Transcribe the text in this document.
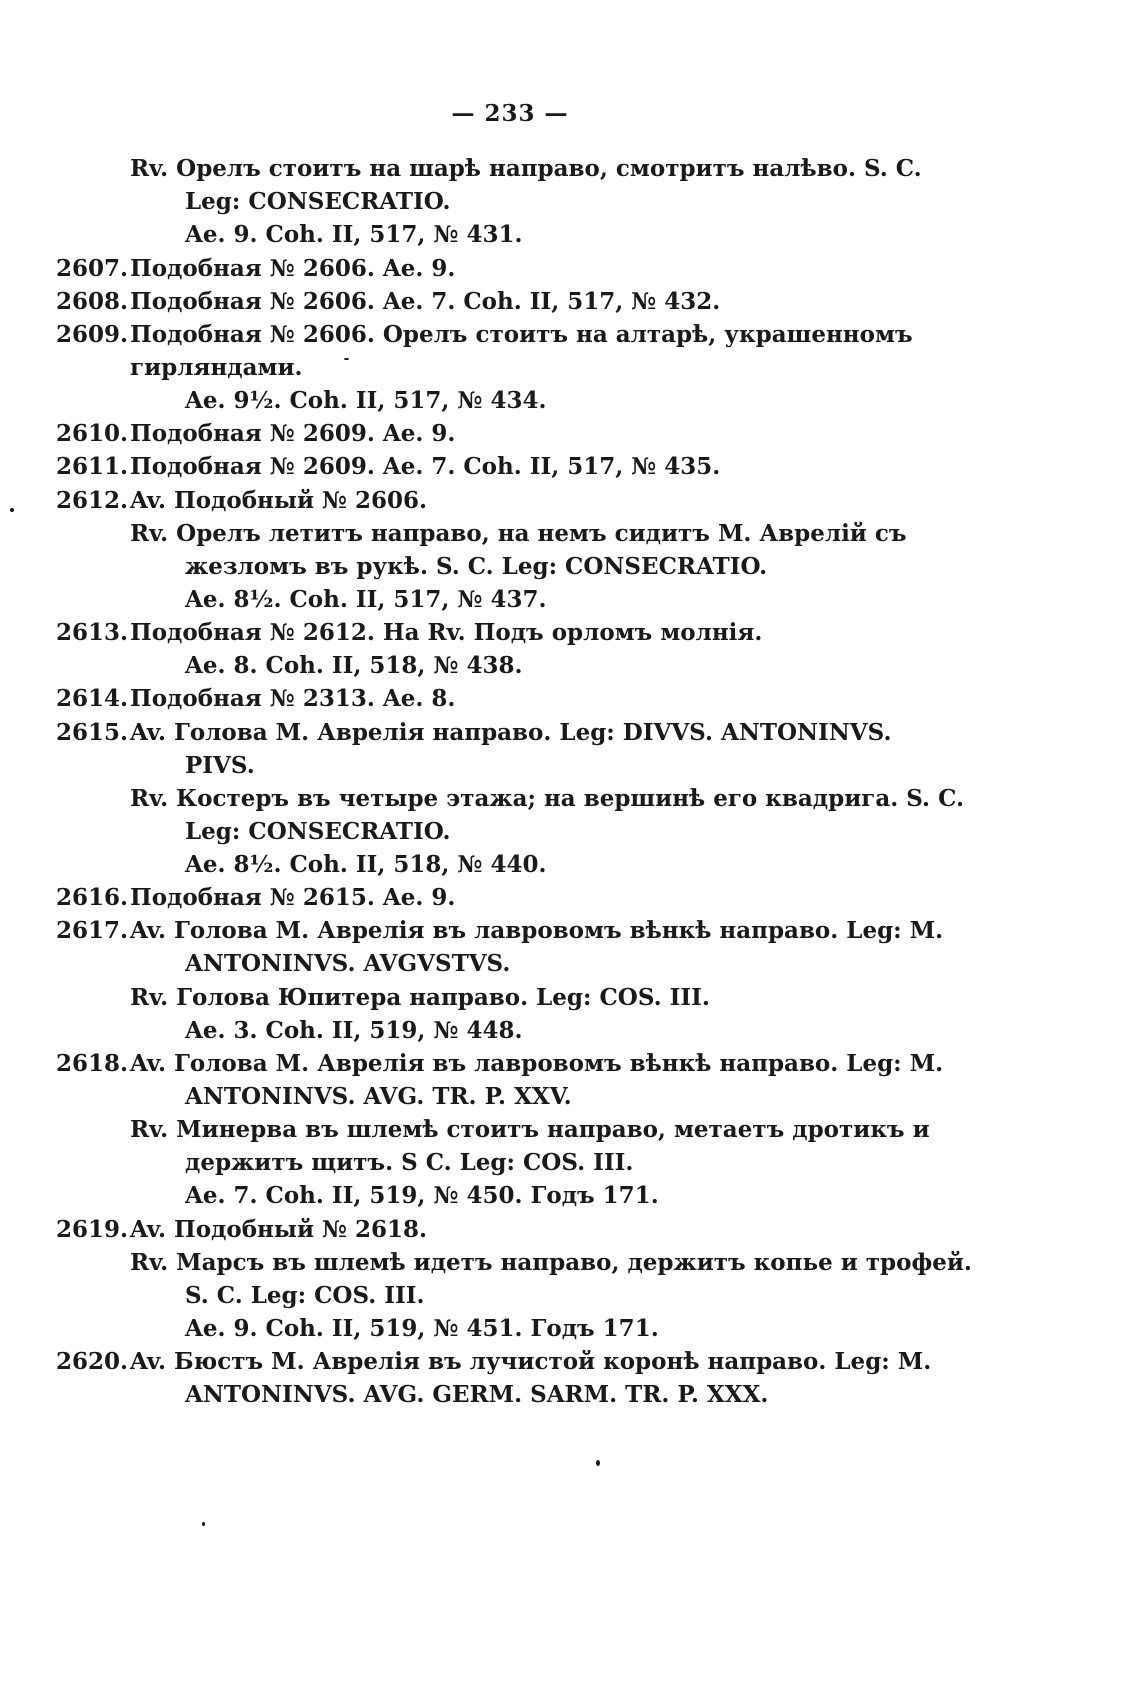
— 233 —
Rv. Орелъ стоитъ на шарѣ направо, смотритъ налѣво. S. C.
Leg: CONSECRATIO.
Ae. 9. Coh. II, 517, № 431.
2607. Подобная № 2606. Ae. 9.
2608. Подобная № 2606. Ae. 7. Coh. II, 517, № 432.
2609. Подобная № 2606. Орелъ стоитъ на алтарѣ, украшенномъ
гирляндами.
Ae. 9½. Coh. II, 517, № 434.
2610. Подобная № 2609. Ae. 9.
2611. Подобная № 2609. Ae. 7. Coh. II, 517, № 435.
2612. Av. Подобный № 2606.
Rv. Орелъ летитъ направо, на немъ сидитъ М. Аврелій съ
жезломъ въ рукѣ. S. C. Leg: CONSECRATIO.
Ae. 8½. Coh. II, 517, № 437.
2613. Подобная № 2612. На Rv. Подъ орломъ молнія.
Ae. 8. Coh. II, 518, № 438.
2614. Подобная № 2313. Ae. 8.
2615. Av. Голова М. Аврелія направо. Leg: DIVVS. ANTONINVS.
PIVS.
Rv. Костеръ въ четыре этажа; на вершинѣ его квадрига. S. C.
Leg: CONSECRATIO.
Ae. 8½. Coh. II, 518, № 440.
2616. Подобная № 2615. Ae. 9.
2617. Av. Голова М. Аврелія въ лавровомъ вѣнкѣ направо. Leg: M.
ANTONINVS. AVGVSTVS.
Rv. Голова Юпитера направо. Leg: COS. III.
Ae. 3. Coh. II, 519, № 448.
2618. Av. Голова М. Аврелія въ лавровомъ вѣнкѣ направо. Leg: M.
ANTONINVS. AVG. TR. P. XXV.
Rv. Минерва въ шлемѣ стоитъ направо, метаетъ дротикъ и
держитъ щитъ. S C. Leg: COS. III.
Ae. 7. Coh. II, 519, № 450. Годъ 171.
2619. Av. Подобный № 2618.
Rv. Марсъ въ шлемѣ идетъ направо, держитъ копье и трофей.
S. C. Leg: COS. III.
Ae. 9. Coh. II, 519, № 451. Годъ 171.
2620. Av. Бюстъ М. Аврелія въ лучистой коронѣ направо. Leg: M.
ANTONINVS. AVG. GERM. SARM. TR. P. XXX.
